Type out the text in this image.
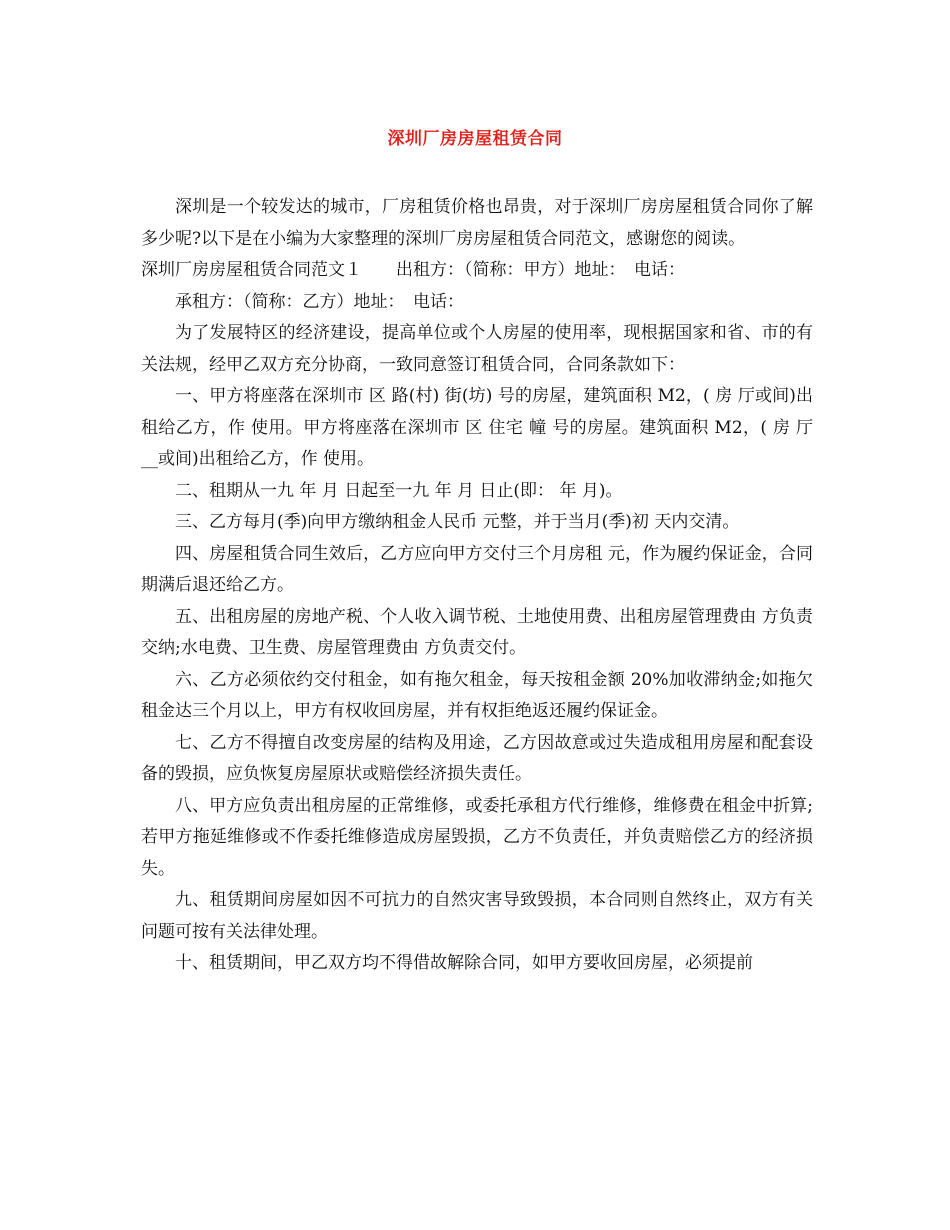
深圳厂房房屋租赁合同

深圳是一个较发达的城市，厂房租赁价格也昂贵，对于深圳厂房房屋租赁合同你了解多少呢?以下是在小编为大家整理的深圳厂房房屋租赁合同范文，感谢您的阅读。

深圳厂房房屋租赁合同范文１　　出租方：（简称：甲方）地址：　电话：

承租方：（简称：乙方）地址：　电话：

为了发展特区的经济建设，提高单位或个人房屋的使用率，现根据国家和省、市的有关法规，经甲乙双方充分协商，一致同意签订租赁合同，合同条款如下：

一、甲方将座落在深圳市 区 路(村) 街(坊) 号的房屋，建筑面积 M2，( 房 厅或间)出租给乙方，作 使用。甲方将座落在深圳市 区 住宅 幢 号的房屋。建筑面积 M2，( 房 厅__或间)出租给乙方，作 使用。

二、租期从一九 年 月 日起至一九 年 月 日止(即： 年 月)。

三、乙方每月(季)向甲方缴纳租金人民币 元整，并于当月(季)初 天内交清。

四、房屋租赁合同生效后，乙方应向甲方交付三个月房租 元，作为履约保证金，合同期满后退还给乙方。

五、出租房屋的房地产税、个人收入调节税、土地使用费、出租房屋管理费由 方负责交纳;水电费、卫生费、房屋管理费由 方负责交付。

六、乙方必须依约交付租金，如有拖欠租金，每天按租金额 20%加收滞纳金;如拖欠租金达三个月以上，甲方有权收回房屋，并有权拒绝返还履约保证金。

七、乙方不得擅自改变房屋的结构及用途，乙方因故意或过失造成租用房屋和配套设备的毁损，应负恢复房屋原状或赔偿经济损失责任。

八、甲方应负责出租房屋的正常维修，或委托承租方代行维修，维修费在租金中折算;若甲方拖延维修或不作委托维修造成房屋毁损，乙方不负责任，并负责赔偿乙方的经济损失。

九、租赁期间房屋如因不可抗力的自然灾害导致毁损，本合同则自然终止，双方有关问题可按有关法律处理。

十、租赁期间，甲乙双方均不得借故解除合同，如甲方要收回房屋，必须提前
